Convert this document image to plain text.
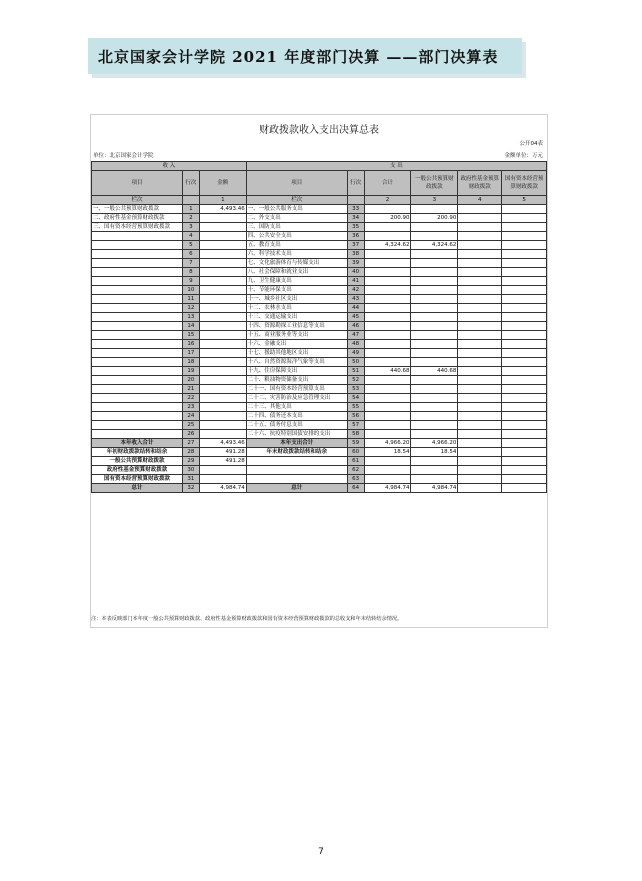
北京国家会计学院 2021 年度部门决算 ——部门决算表
财政拨款收入支出决算总表
公开04表
单位：北京国家会计学院	金额单位：万元
收 入			支 出					
项目	行次	金额	项目	行次	合计	一般公共预算财政拨款	政府性基金预算财政拨款	国有资本经营预算财政拨款
栏次		1	栏次		2	3	4	5
一、一般公共预算财政拨款	1	4,493.46	一、一般公共服务支出	33				
二、政府性基金预算财政拨款	2		二、外交支出	34	200.90	200.90		
三、国有资本经营预算财政拨款	3		三、国防支出	35				
	4		四、公共安全支出	36				
	5		五、教育支出	37	4,324.62	4,324.62		
	6		六、科学技术支出	38				
	7		七、文化旅游体育与传媒支出	39				
	8		八、社会保障和就业支出	40				
	9		九、卫生健康支出	41				
	10		十、节能环保支出	42				
	11		十一、城乡社区支出	43				
	12		十二、农林水支出	44				
	13		十三、交通运输支出	45				
	14		十四、资源勘探工业信息等支出	46				
	15		十五、商业服务业等支出	47				
	16		十六、金融支出	48				
	17		十七、援助其他地区支出	49				
	18		十八、自然资源海洋气象等支出	50				
	19		十九、住房保障支出	51	440.68	440.68		
	20		二十、粮油物资储备支出	52				
	21		二十一、国有资本经营预算支出	53				
	22		二十二、灾害防治及应急管理支出	54				
	23		二十三、其他支出	55				
	24		二十四、债务还本支出	56				
	25		二十五、债务付息支出	57				
	26		二十六、抗疫特别国债安排的支出	58				
本年收入合计	27	4,493.46	本年支出合计	59	4,966.20	4,966.20		
年初财政拨款结转和结余	28	491.28	年末财政拨款结转和结余	60	18.54	18.54		
一般公共预算财政拨款	29	491.28		61				
政府性基金预算财政拨款	30			62				
国有资本经营预算财政拨款	31			63				
总计	32	4,984.74	总计	64	4,984.74	4,984.74		
注：本表反映部门本年度一般公共预算财政拨款、政府性基金预算财政拨款和国有资本经营预算财政拨款的总收支和年末结转结余情况。
7
